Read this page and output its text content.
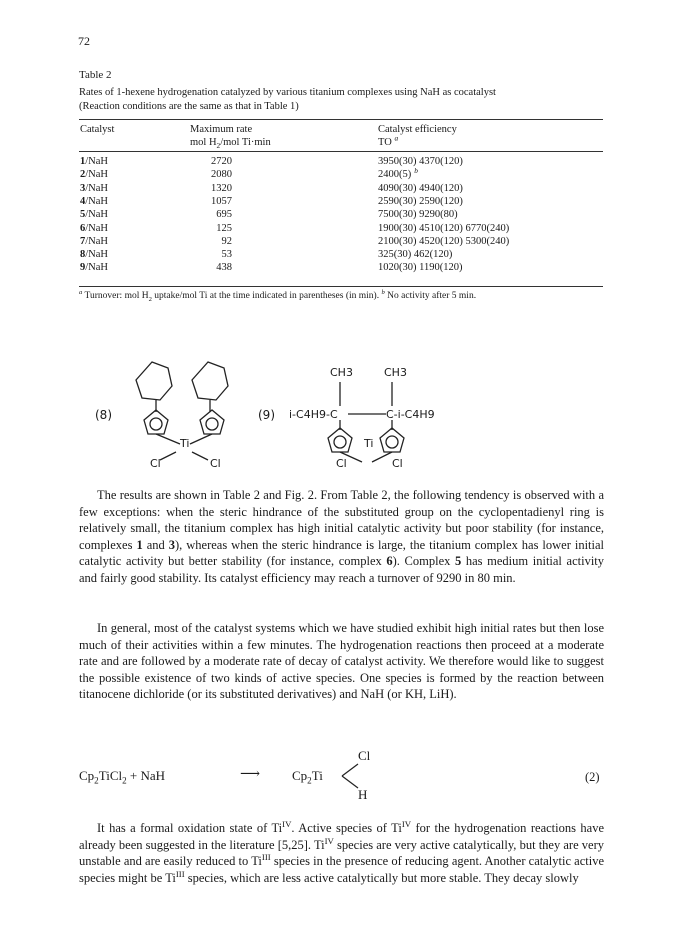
72
Table 2
Rates of 1-hexene hydrogenation catalyzed by various titanium complexes using NaH as cocatalyst
(Reaction conditions are the same as that in Table 1)
Catalyst	Maximum rate
mol $H_2$/mol Ti·min
Catalyst efficiency
TO $^a$
1/NaH	2720	3950(30) 4370(120)
2/NaH	2080	2400(5) $^b$
3/NaH	1320	4090(30) 4940(120)
4/NaH	1057	2590(30) 2590(120)
5/NaH	695	7500(30) 9290(80)
6/NaH	125	1900(30) 4510(120) 6770(240)
7/NaH	92	2100(30) 4520(120) 5300(240)
8/NaH	53	325(30) 462(120)
9/NaH	438	1020(30) 1190(120)
$^a$ Turnover: mol $H_2$ uptake/mol Ti at the time indicated in parentheses (in min). $^b$ No activity after 5 min.
(8)
Ti
Cl	Cl
(9)
CH3	CH3
i-C4H9-C	C-i-C4H9
Ti
Cl	Cl
The results are shown in Table 2 and Fig. 2. From Table 2, the following tendency is observed with a few exceptions: when the steric hindrance of the substituted group on the cyclopentadienyl ring is relatively small, the titanium complex has high initial catalytic activity but poor stability (for instance, complexes 1 and 3), whereas when the steric hindrance is large, the titanium complex has lower initial catalytic activity but better stability (for instance, complex 6). Complex 5 has medium initial activity and fairly good stability. Its catalyst efficiency may reach a turnover of 9290 in 80 min.
In general, most of the catalyst systems which we have studied exhibit high initial rates but then lose much of their activities within a few minutes. The hydrogenation reactions then proceed at a moderate rate and are followed by a moderate rate of decay of catalyst activity. We therefore would like to suggest the possible existence of two kinds of active species. One species is formed by the reaction between titanocene dichloride (or its substituted derivatives) and NaH (or KH, LiH).
$Cp_2TiCl_2$ + NaH	⟶ $Cp_2Ti$
Cl
H
(2)
It has a formal oxidation state of $Ti^{IV}$. Active species of $Ti^{IV}$ for the hydrogenation reactions have already been suggested in the literature [5,25]. $Ti^{IV}$ species are very active catalytically, but they are very unstable and are easily reduced to $Ti^{III}$ species in the presence of reducing agent. Another catalytic active species might be $Ti^{III}$ species, which are less active catalytically but more stable. They decay slowly
